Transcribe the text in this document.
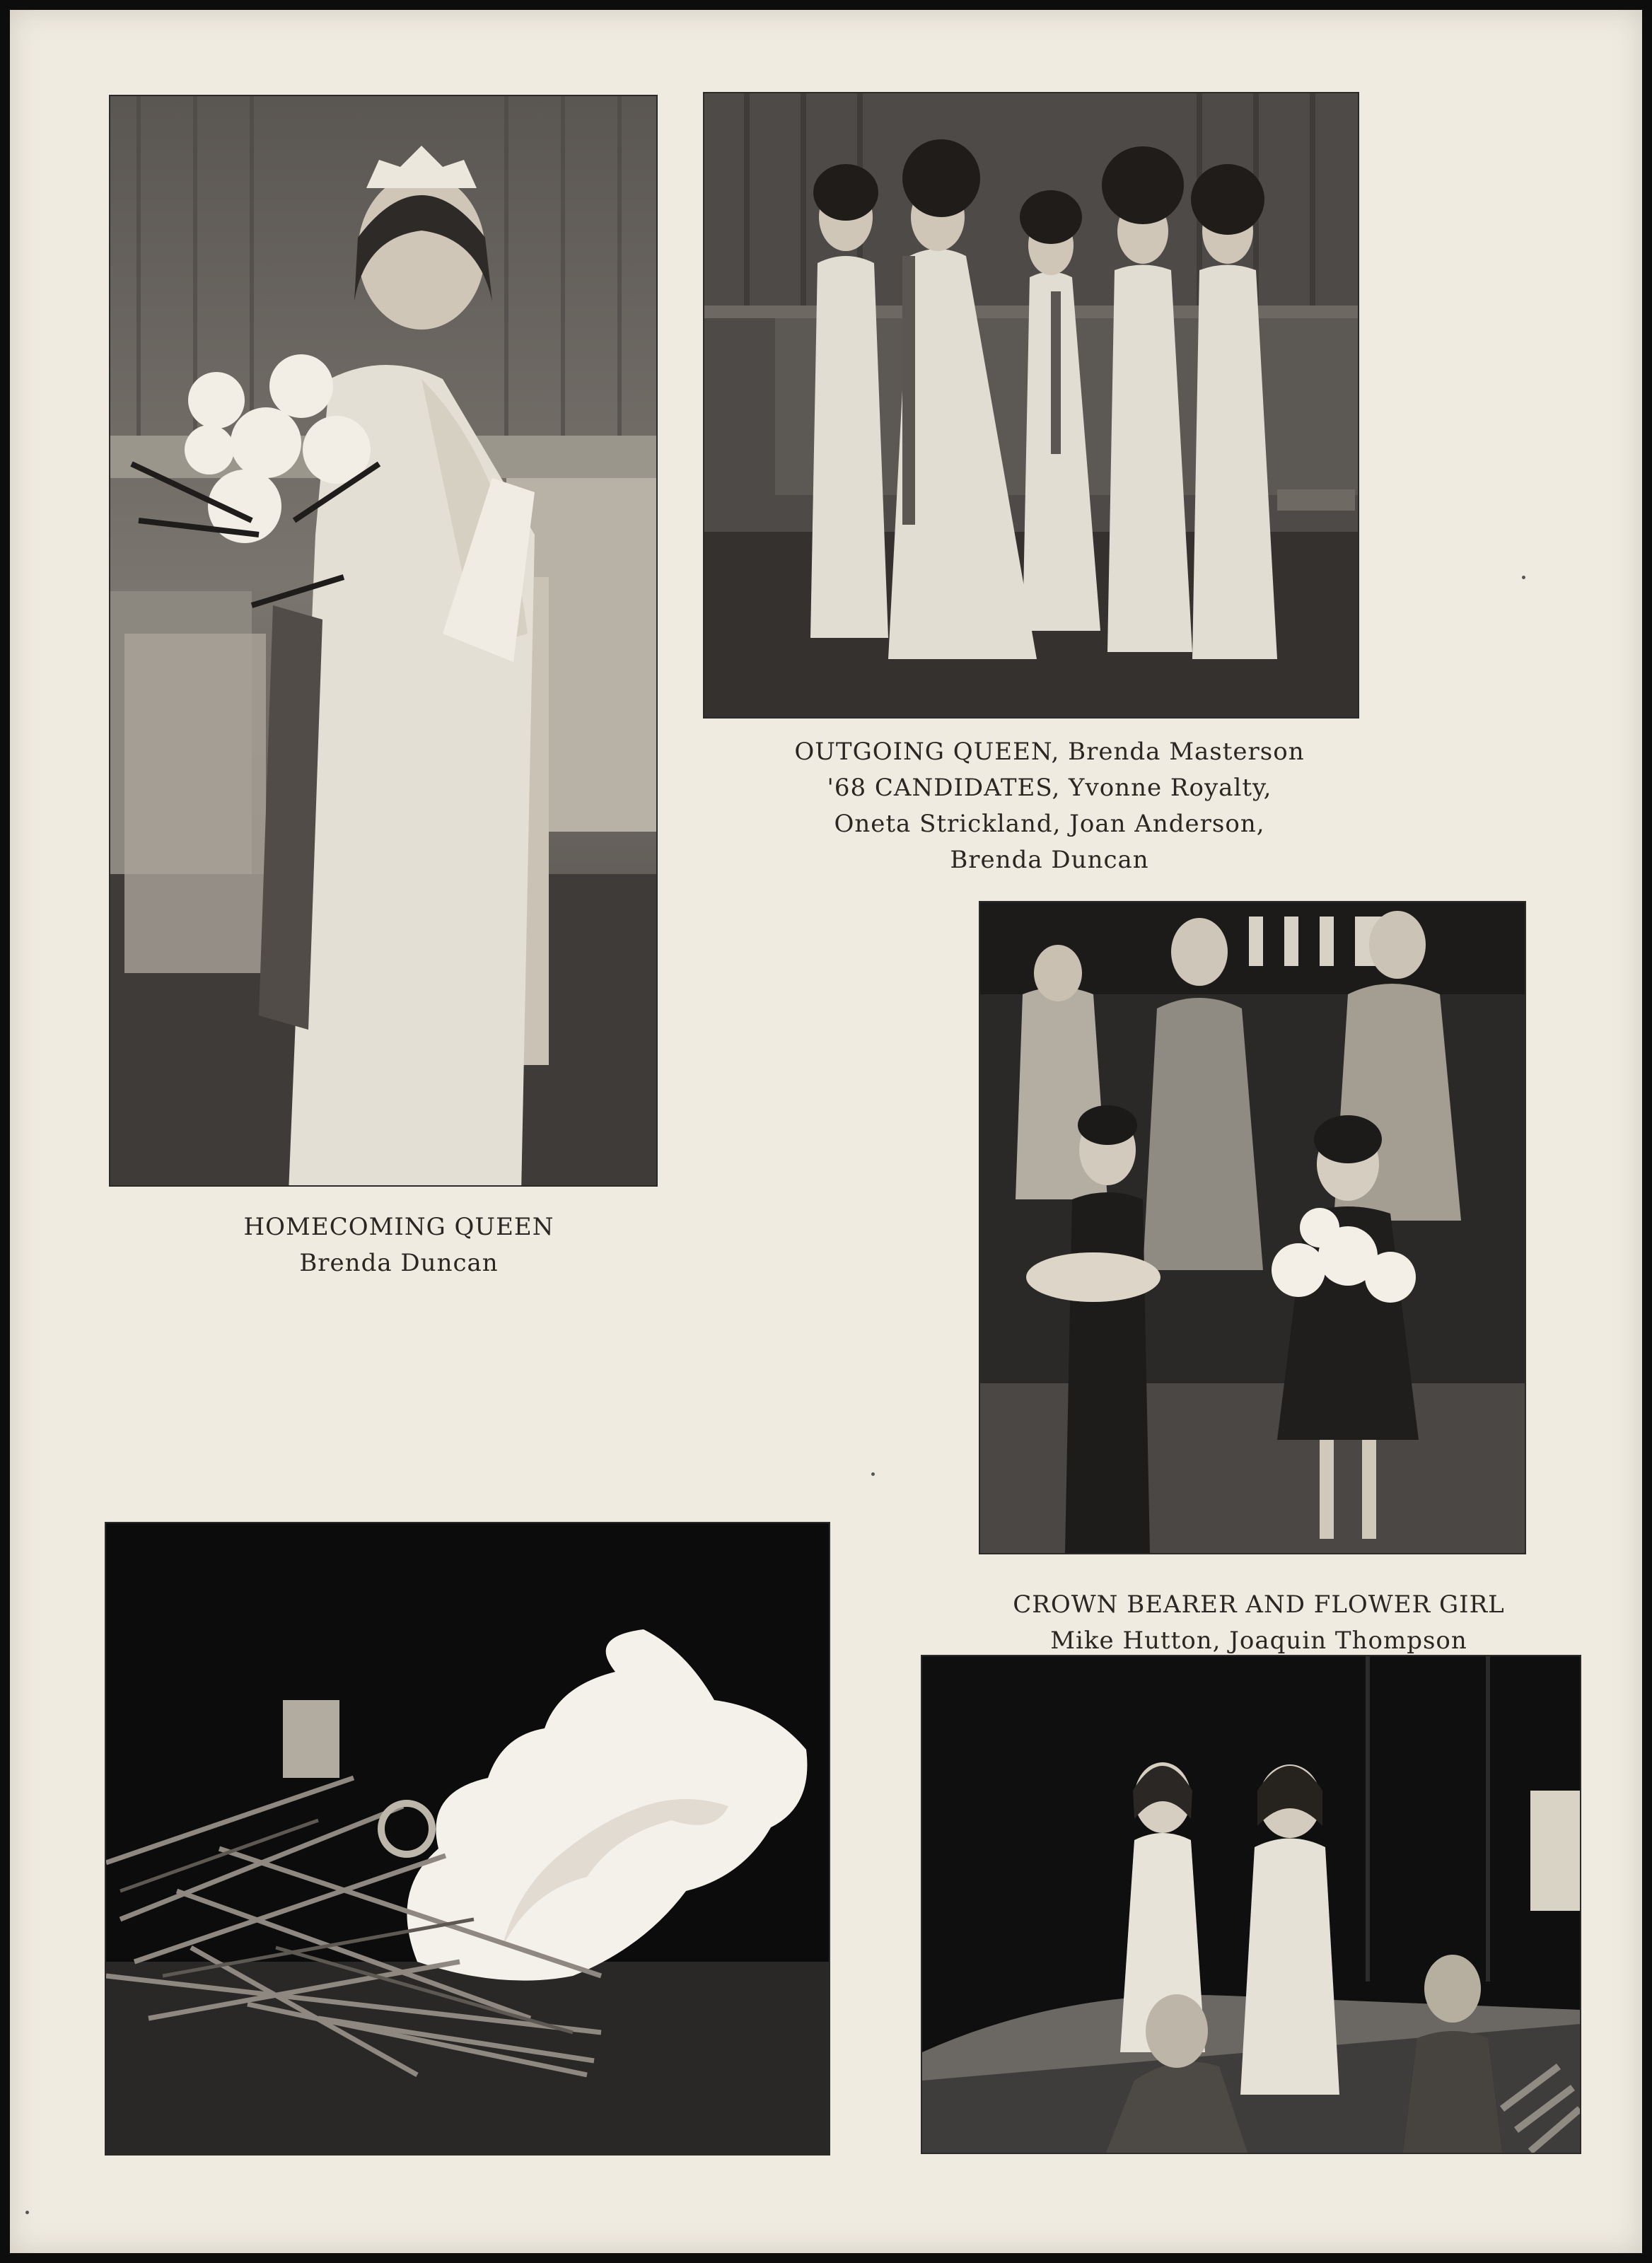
OUTGOING QUEEN, Brenda Masterson
'68 CANDIDATES, Yvonne Royalty,
Oneta Strickland, Joan Anderson,
Brenda Duncan
HOMECOMING QUEEN
Brenda Duncan
CROWN BEARER AND FLOWER GIRL
Mike Hutton, Joaquin Thompson
